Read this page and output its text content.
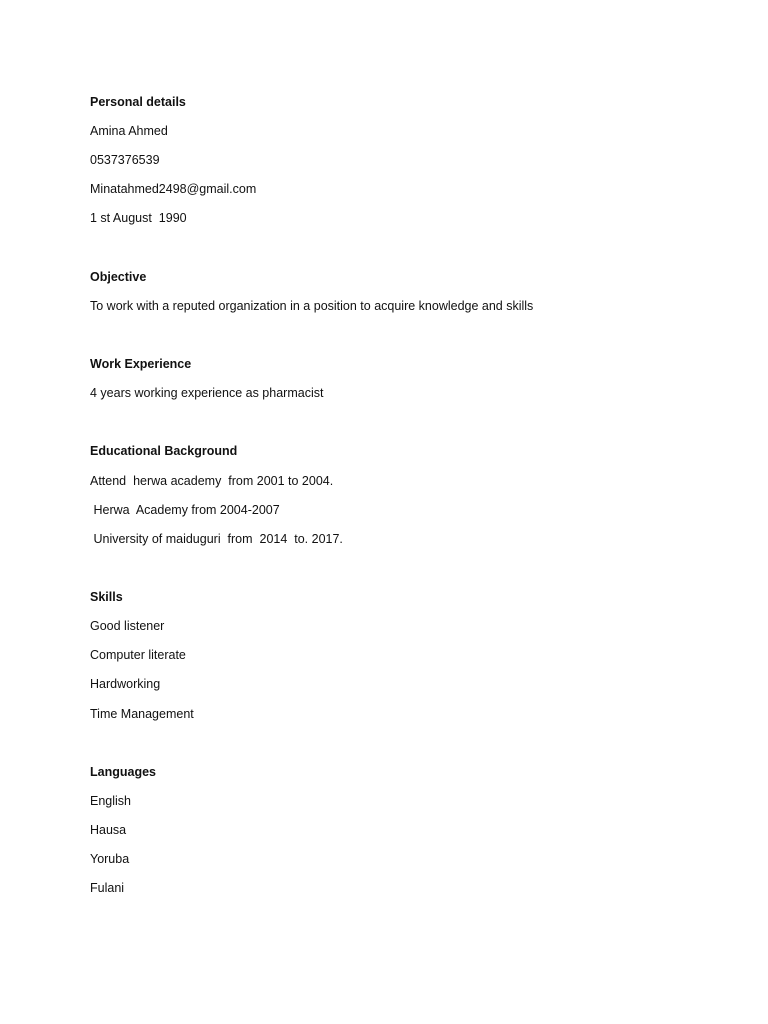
Personal details
Amina Ahmed
0537376539
Minatahmed2498@gmail.com
1 st August  1990
Objective
To work with a reputed organization in a position to acquire knowledge and skills
Work Experience
4 years working experience as pharmacist
Educational Background
Attend  herwa academy  from 2001 to 2004.
Herwa  Academy from 2004-2007
University of maiduguri  from  2014  to. 2017.
Skills
Good listener
Computer literate
Hardworking
Time Management
Languages
English
Hausa
Yoruba
Fulani
